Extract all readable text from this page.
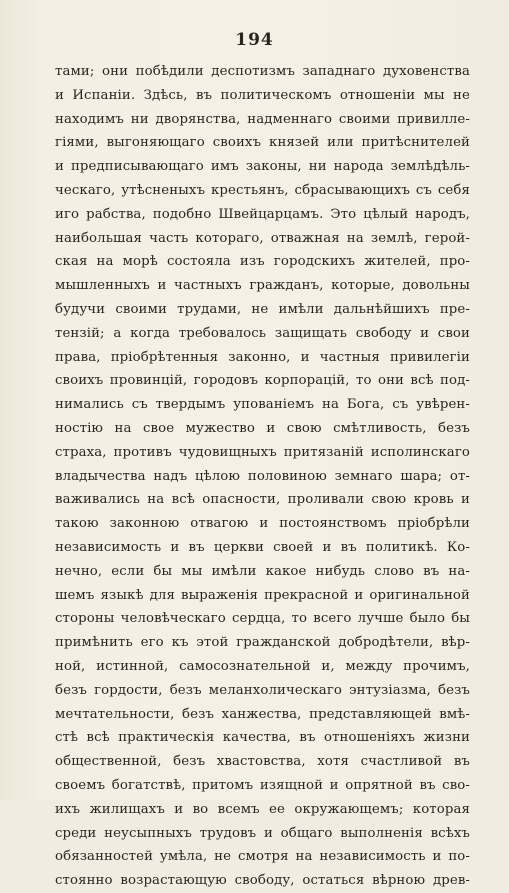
194
тами; они побѣдили деспотизмъ западнаго духовенства
и Испаніи. Здѣсь, въ политическомъ отношеніи мы не
находимъ ни дворянства, надменнаго своими привилле-
гіями, выгоняющаго своихъ князей или притѣснителей
и предписывающаго имъ законы, ни народа землѣдѣль-
ческаго, утѣсненыхъ крестьянъ, сбрасывающихъ съ себя
иго рабства, подобно Швейцарцамъ. Это цѣлый народъ,
наибольшая часть котораго, отважная на землѣ, герой-
ская на морѣ состояла изъ городскихъ жителей, про-
мышленныхъ и частныхъ гражданъ, которые, довольны
будучи своими трудами, не имѣли дальнѣйшихъ пре-
тензій; а когда требовалось защищать свободу и свои
права, пріобрѣтенныя законно, и частныя привилегіи
своихъ провинцій, городовъ корпорацій, то они всѣ под-
нимались съ твердымъ упованіемъ на Бога, съ увѣрен-
ностію на свое мужество и свою смѣтливость, безъ
страха, противъ чудовищныхъ притязаній исполинскаго
владычества надъ цѣлою половиною земнаго шара; от-
важивались на всѣ опасности, проливали свою кровь и
такою законною отвагою и постоянствомъ пріобрѣли
независимость и въ церкви своей и въ политикѣ. Ко-
нечно, если бы мы имѣли какое нибудь слово въ на-
шемъ языкѣ для выраженія прекрасной и оригинальной
стороны человѣческаго сердца, то всего лучше было бы
примѣнить его къ этой гражданской добродѣтели, вѣр-
ной, истинной, самосознательной и, между прочимъ,
безъ гордости, безъ меланхолическаго энтузіазма, безъ
мечтательности, безъ ханжества, представляющей вмѣ-
стѣ всѣ практическія качества, въ отношеніяхъ жизни
общественной, безъ хвастовства, хотя счастливой въ
своемъ богатствѣ, притомъ изящной и опрятной въ сво-
ихъ жилищахъ и во всемъ ее окружающемъ; которая
среди неусыпныхъ трудовъ и общаго выполненія всѣхъ
обязанностей умѣла, не смотря на независимость и по-
стоянно возрастающую свободу, остаться вѣрною древ-
